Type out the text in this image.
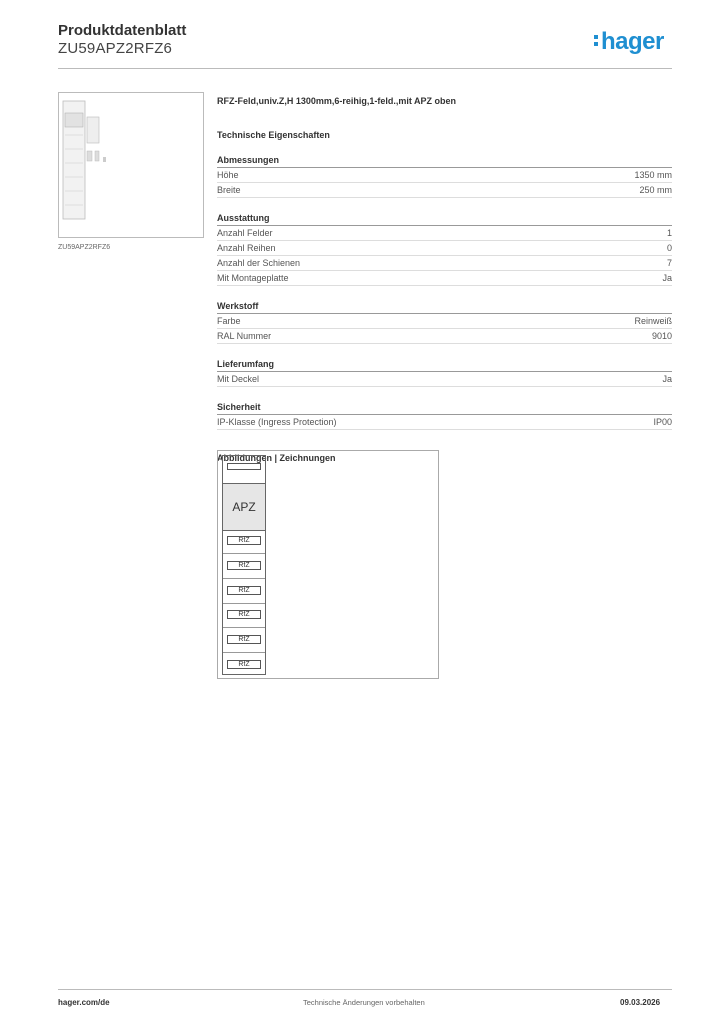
Produktdatenblatt
ZU59APZ2RFZ6	hager
ZU59APZ2RFZ6
RFZ-Feld,univ.Z,H 1300mm,6-reihig,1-feld.,mit APZ oben
Technische Eigenschaften
Abmessungen
Höhe	1350 mm
Breite	250 mm
Ausstattung
Anzahl Felder	1
Anzahl Reihen	0
Anzahl der Schienen	7
Mit Montageplatte	Ja
Werkstoff
Farbe	Reinweiß
RAL Nummer	9010
Lieferumfang
Mit Deckel	Ja
Sicherheit
IP-Klasse (Ingress Protection)	IP00
Abbildungen | Zeichnungen
APZ
RfZ
RfZ
RfZ
RfZ
RfZ
RfZ
hager.com/de	Technische Änderungen vorbehalten	09.03.2026
